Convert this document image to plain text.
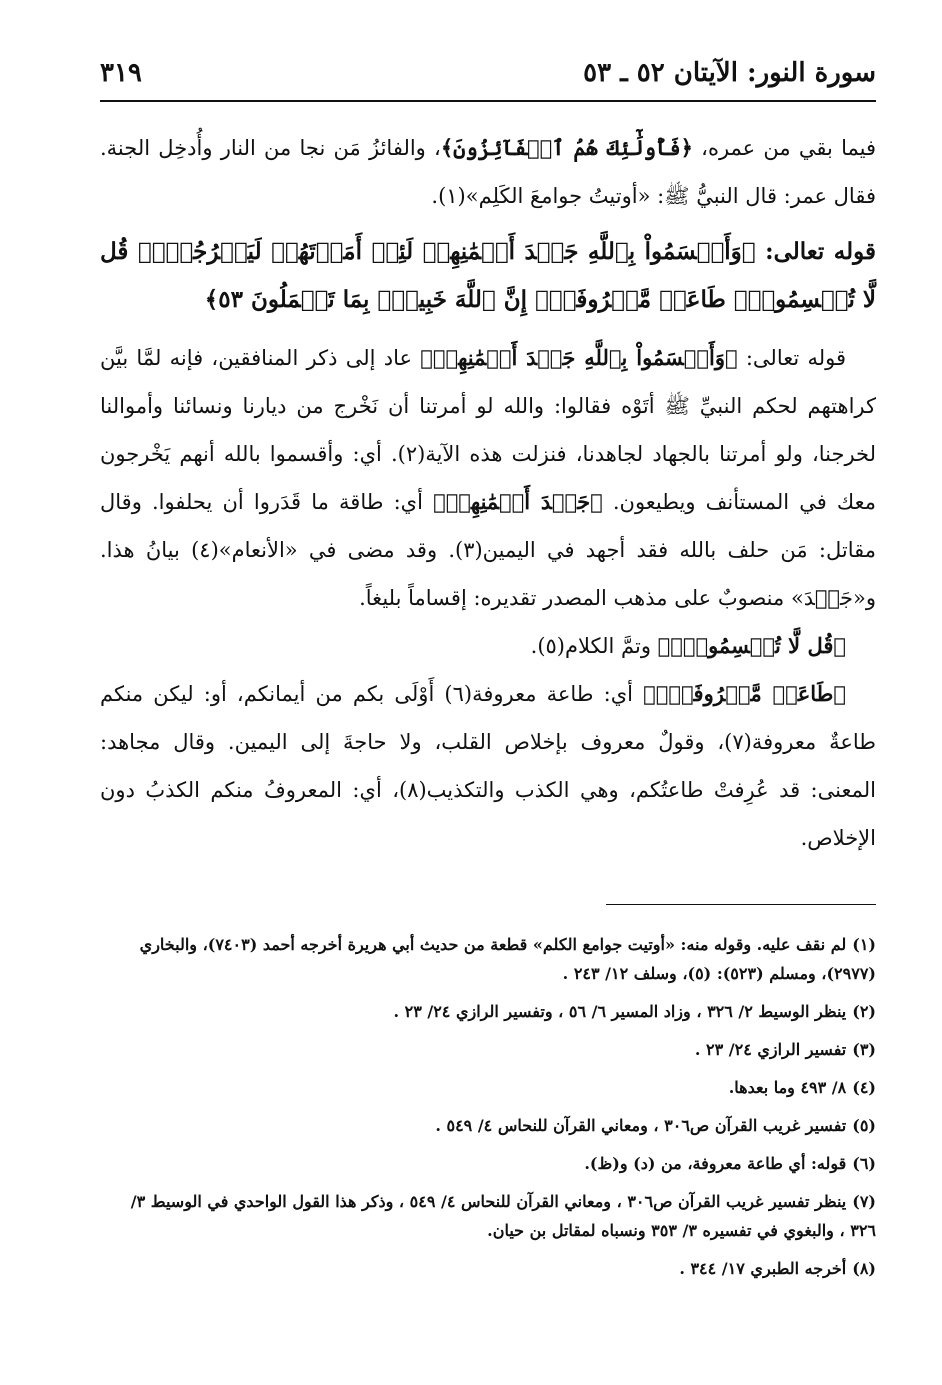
سورة النور: الآيتان ٥٢ ـ ٥٣
٣١٩

فيما بقي من عمره، ﴿فَأُولَٰٓئِكَ هُمُ ٱلۡفَآئِزُونَ﴾، والفائزُ مَن نجا من النار وأُدخِل الجنة. فقال عمر: قال النبيُّ ﷺ: «أوتيتُ جوامعَ الكَلِم»(١).

قوله تعالى: ﴿وَأَقۡسَمُواْ بِٱللَّهِ جَهۡدَ أَيۡمَٰنِهِمۡ لَئِنۡ أَمَرۡتَهُمۡ لَيَخۡرُجُنَّۖ قُل لَّا تُقۡسِمُواْۖ طَاعَةٞ مَّعۡرُوفَةٌۚ إِنَّ ٱللَّهَ خَبِيرُۢ بِمَا تَعۡمَلُونَ ٥٣﴾

قوله تعالى: ﴿وَأَقۡسَمُواْ بِٱللَّهِ جَهۡدَ أَيۡمَٰنِهِمۡ﴾ عاد إلى ذكر المنافقين، فإنه لمَّا بيَّن كراهتهم لحكم النبيِّ ﷺ أتَوْه فقالوا: والله لو أمرتنا أن نَخْرج من ديارنا ونسائنا وأموالنا لخرجنا، ولو أمرتنا بالجهاد لجاهدنا، فنزلت هذه الآية(٢). أي: وأقسموا بالله أنهم يَخْرجون معك في المستأنف ويطيعون. ﴿جَهۡدَ أَيۡمَٰنِهِمۡ﴾ أي: طاقة ما قَدَروا أن يحلفوا. وقال مقاتل: مَن حلف بالله فقد أجهد في اليمين(٣). وقد مضى في «الأنعام»(٤) بيانُ هذا. و«جَهۡدَ» منصوبٌ على مذهب المصدر تقديره: إقساماً بليغاً.

﴿قُل لَّا تُقۡسِمُواْۖ﴾ وتمَّ الكلام(٥).

﴿طَاعَةٞ مَّعۡرُوفَةٌۚ﴾ أي: طاعة معروفة(٦) أَوْلَى بكم من أيمانكم، أو: ليكن منكم طاعةٌ معروفة(٧)، وقولٌ معروف بإخلاص القلب، ولا حاجةَ إلى اليمين. وقال مجاهد: المعنى: قد عُرِفتْ طاعتُكم، وهي الكذب والتكذيب(٨)، أي: المعروفُ منكم الكذبُ دون الإخلاص.

(١)لم نقف عليه. وقوله منه: «أوتيت جوامع الكلم» قطعة من حديث أبي هريرة أخرجه أحمد (٧٤٠٣)، والبخاري (٢٩٧٧)، ومسلم (٥٢٣): (٥)، وسلف ١٢/ ٢٤٣ .

(٢)ينظر الوسيط ٢/ ٣٢٦ ، وزاد المسير ٦/ ٥٦ ، وتفسير الرازي ٢٤/ ٢٣ .

(٣)تفسير الرازي ٢٤/ ٢٣ .

(٤)٨/ ٤٩٣ وما بعدها.

(٥)تفسير غريب القرآن ص٣٠٦ ، ومعاني القرآن للنحاس ٤/ ٥٤٩ .

(٦)قوله: أي طاعة معروفة، من (د) و(ظ).

(٧)ينظر تفسير غريب القرآن ص٣٠٦ ، ومعاني القرآن للنحاس ٤/ ٥٤٩ ، وذكر هذا القول الواحدي في الوسيط ٣/ ٣٢٦ ، والبغوي في تفسيره ٣/ ٣٥٣ ونسباه لمقاتل بن حيان.

(٨)أخرجه الطبري ١٧/ ٣٤٤ .
